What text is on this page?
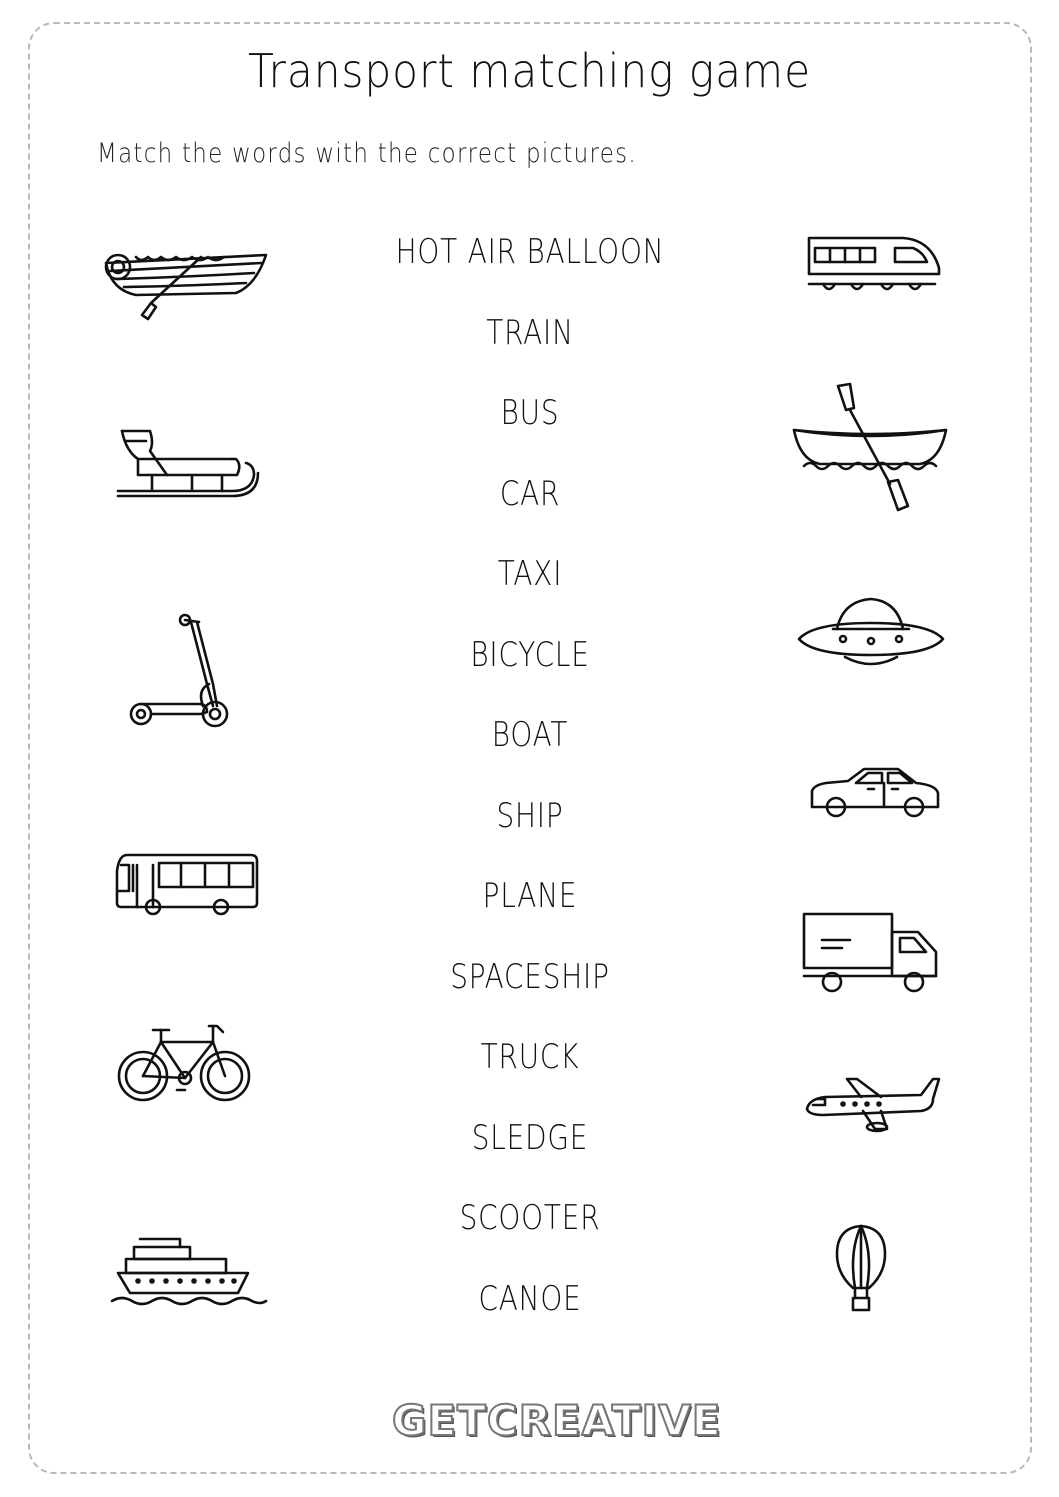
Transport matching game
Match the words with the correct pictures.
HOT AIR BALLOON
TRAIN
BUS
CAR
TAXI
BICYCLE
BOAT
SHIP
PLANE
SPACESHIP
TRUCK
SLEDGE
SCOOTER
CANOE
GETCREATIVE
